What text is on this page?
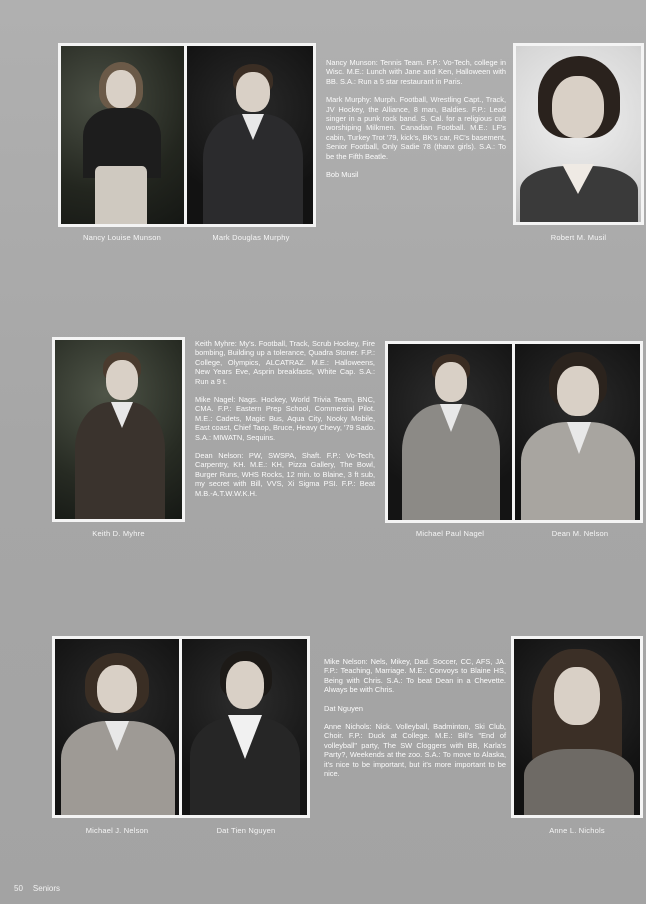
Nancy Louise Munson	Mark Douglas Murphy

Nancy Munson: Tennis Team. F.P.: Vo-Tech, college in Wisc. M.E.: Lunch with Jane and Ken, Halloween with BB. S.A.: Run a 5 star restaurant in Paris.

Mark Murphy: Murph. Football, Wrestling Capt., Track, JV Hockey, the Alliance, 8 man, Baldies. F.P.: Lead singer in a punk rock band. S. Cal. for a religious cult worshiping Milkmen. Canadian Football. M.E.: LF's cabin, Turkey Trot '79, kick's, BK's car, RC's basement, Senior Football, Only Sadie 78 (thanx girls). S.A.: To be the Fifth Beatle.

Bob Musil

Robert M. Musil
Keith D. Myhre

Keith Myhre: My's. Football, Track, Scrub Hockey, Fire bombing, Building up a tolerance, Quadra Stoner. F.P.: College, Olympics, ALCATRAZ. M.E.: Halloweens, New Years Eve, Asprin breakfasts, White Cap. S.A.: Run a 9 t.

Mike Nagel: Nags. Hockey, World Trivia Team, BNC, CMA. F.P.: Eastern Prep School, Commercial Pilot. M.E.: Cadets, Magic Bus, Aqua City, Nooky Mobile, East coast, Chief Taop, Bruce, Heavy Chevy, '79 Sado. S.A.: MIWATN, Sequins.

Dean Nelson: PW, SWSPA, Shaft. F.P.: Vo-Tech, Carpentry, KH. M.E.: KH, Pizza Gallery, The Bowl, Burger Runs, WHS Rocks, 12 min. to Blaine, 3 ft sub, my secret with Bill, VVS, Xi Sigma PSI. F.P.: Beat M.B.-A.T.W.W.K.H.

Michael Paul Nagel	Dean M. Nelson
Michael J. Nelson	Dat Tien Nguyen

Mike Nelson: Nels, Mikey, Dad. Soccer, CC, AFS, JA. F.P.: Teaching, Marriage. M.E.: Convoys to Blaine HS, Being with Chris. S.A.: To beat Dean in a Chevette. Always be with Chris.

Dat Nguyen

Anne Nichols: Nick. Volleyball, Badminton, Ski Club, Choir. F.P.: Duck at College. M.E.: Bill's "End of volleyball" party, The SW Cloggers with BB, Karla's Party?, Weekends at the zoo. S.A.: To move to Alaska, it's nice to be important, but it's more important to be nice.

Anne L. Nichols
50 Seniors
